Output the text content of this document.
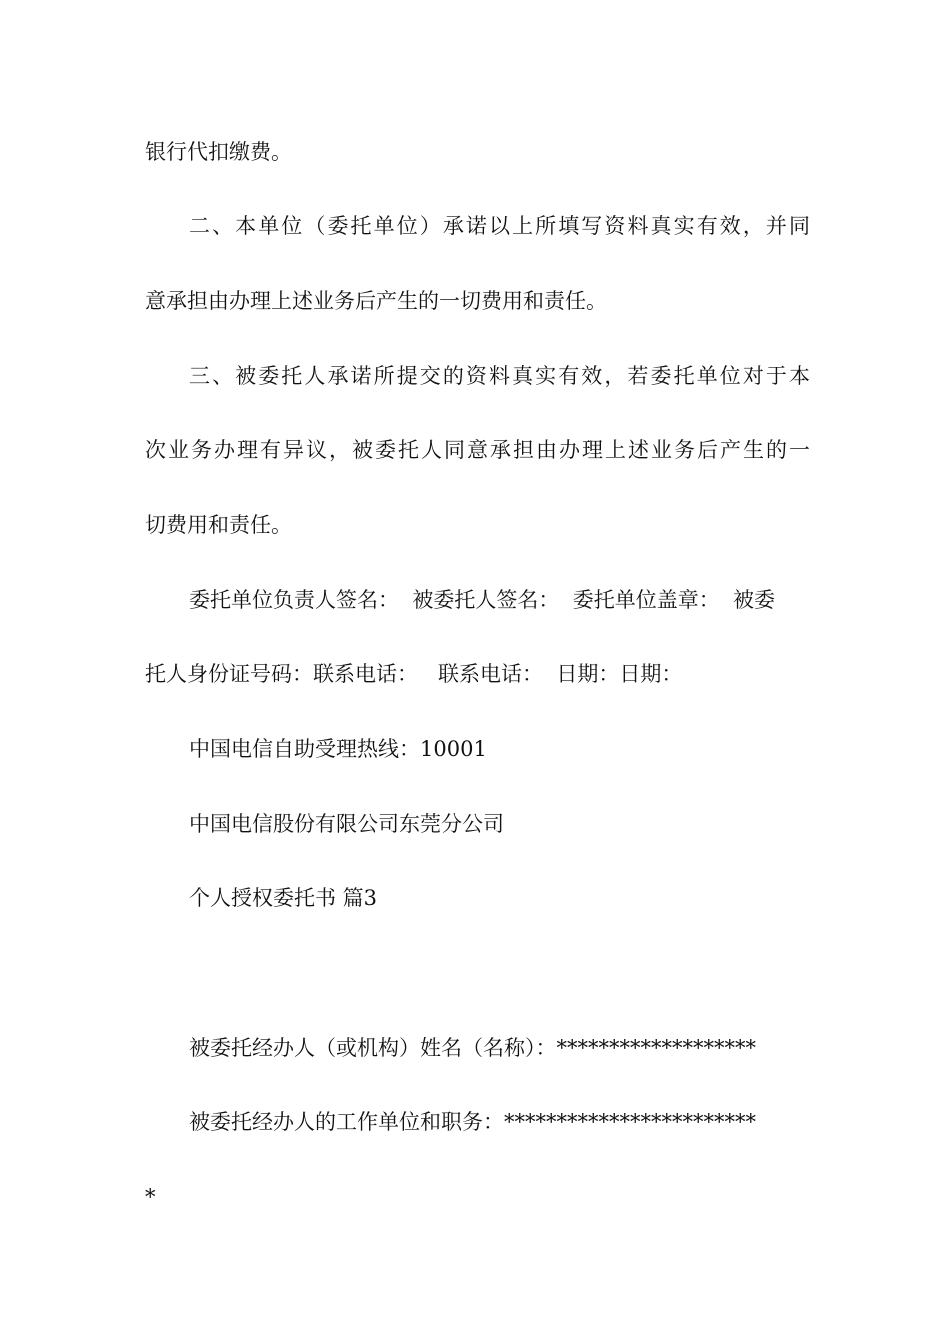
银行代扣缴费。
二、本单位（委托单位）承诺以上所填写资料真实有效，并同
意承担由办理上述业务后产生的一切费用和责任。
三、被委托人承诺所提交的资料真实有效，若委托单位对于本
次业务办理有异议，被委托人同意承担由办理上述业务后产生的一
切费用和责任。
委托单位负责人签名：  被委托人签名：  委托单位盖章：  被委
托人身份证号码：联系电话：   联系电话：  日期：日期：
中国电信自助受理热线：10001
中国电信股份有限公司东莞分公司
个人授权委托书 篇3
被委托经办人（或机构）姓名（名称）：*******************
被委托经办人的工作单位和职务：************************
*
